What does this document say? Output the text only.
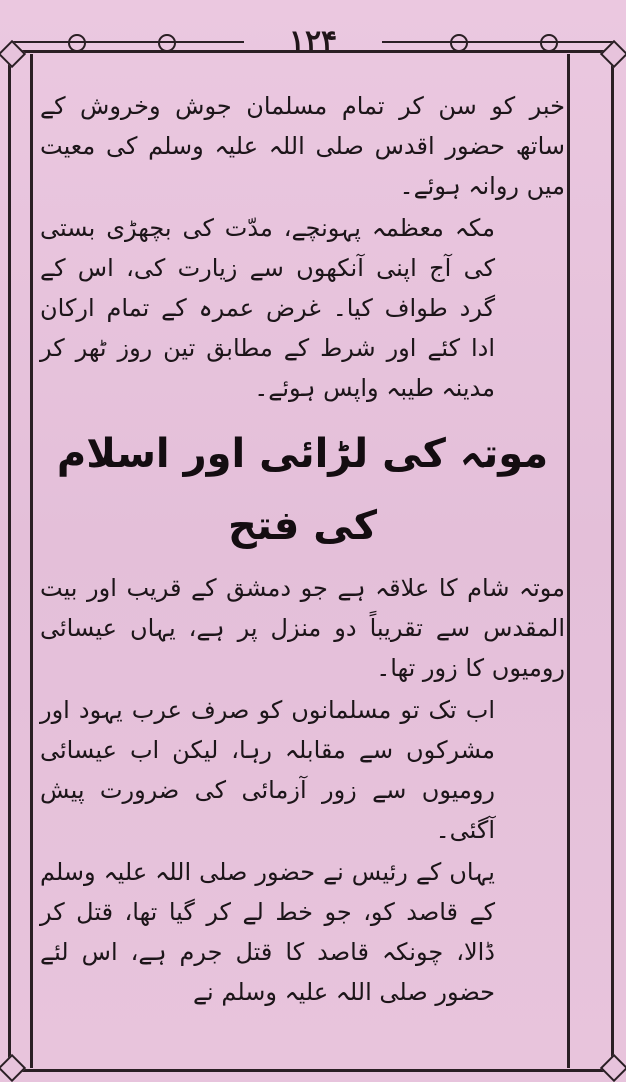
۱۲۴

خبر کو سن کر تمام مسلمان جوش وخروش کے ساتھ حضور اقدس صلی اللہ علیہ وسلم کی معیت میں روانہ ہوئے۔

مکہ معظمہ پہونچے، مدّت کی بچھڑی بستی کی آج اپنی آنکھوں سے زیارت کی، اس کے گرد طواف کیا۔ غرض عمرہ کے تمام ارکان ادا کئے اور شرط کے مطابق تین روز ٹھر کر مدینہ طیبہ واپس ہوئے۔

موتہ کی لڑائی اور اسلام کی فتح

موتہ شام کا علاقہ ہے جو دمشق کے قریب اور بیت المقدس سے تقریباً دو منزل پر ہے، یہاں عیسائی رومیوں کا زور تھا۔

اب تک تو مسلمانوں کو صرف عرب یہود اور مشرکوں سے مقابلہ رہا، لیکن اب عیسائی رومیوں سے زور آزمائی کی ضرورت پیش آگئی۔

یہاں کے رئیس نے حضور صلی اللہ علیہ وسلم کے قاصد کو، جو خط لے کر گیا تھا، قتل کر ڈالا، چونکہ قاصد کا قتل جرم ہے، اس لئے حضور صلی اللہ علیہ وسلم نے
